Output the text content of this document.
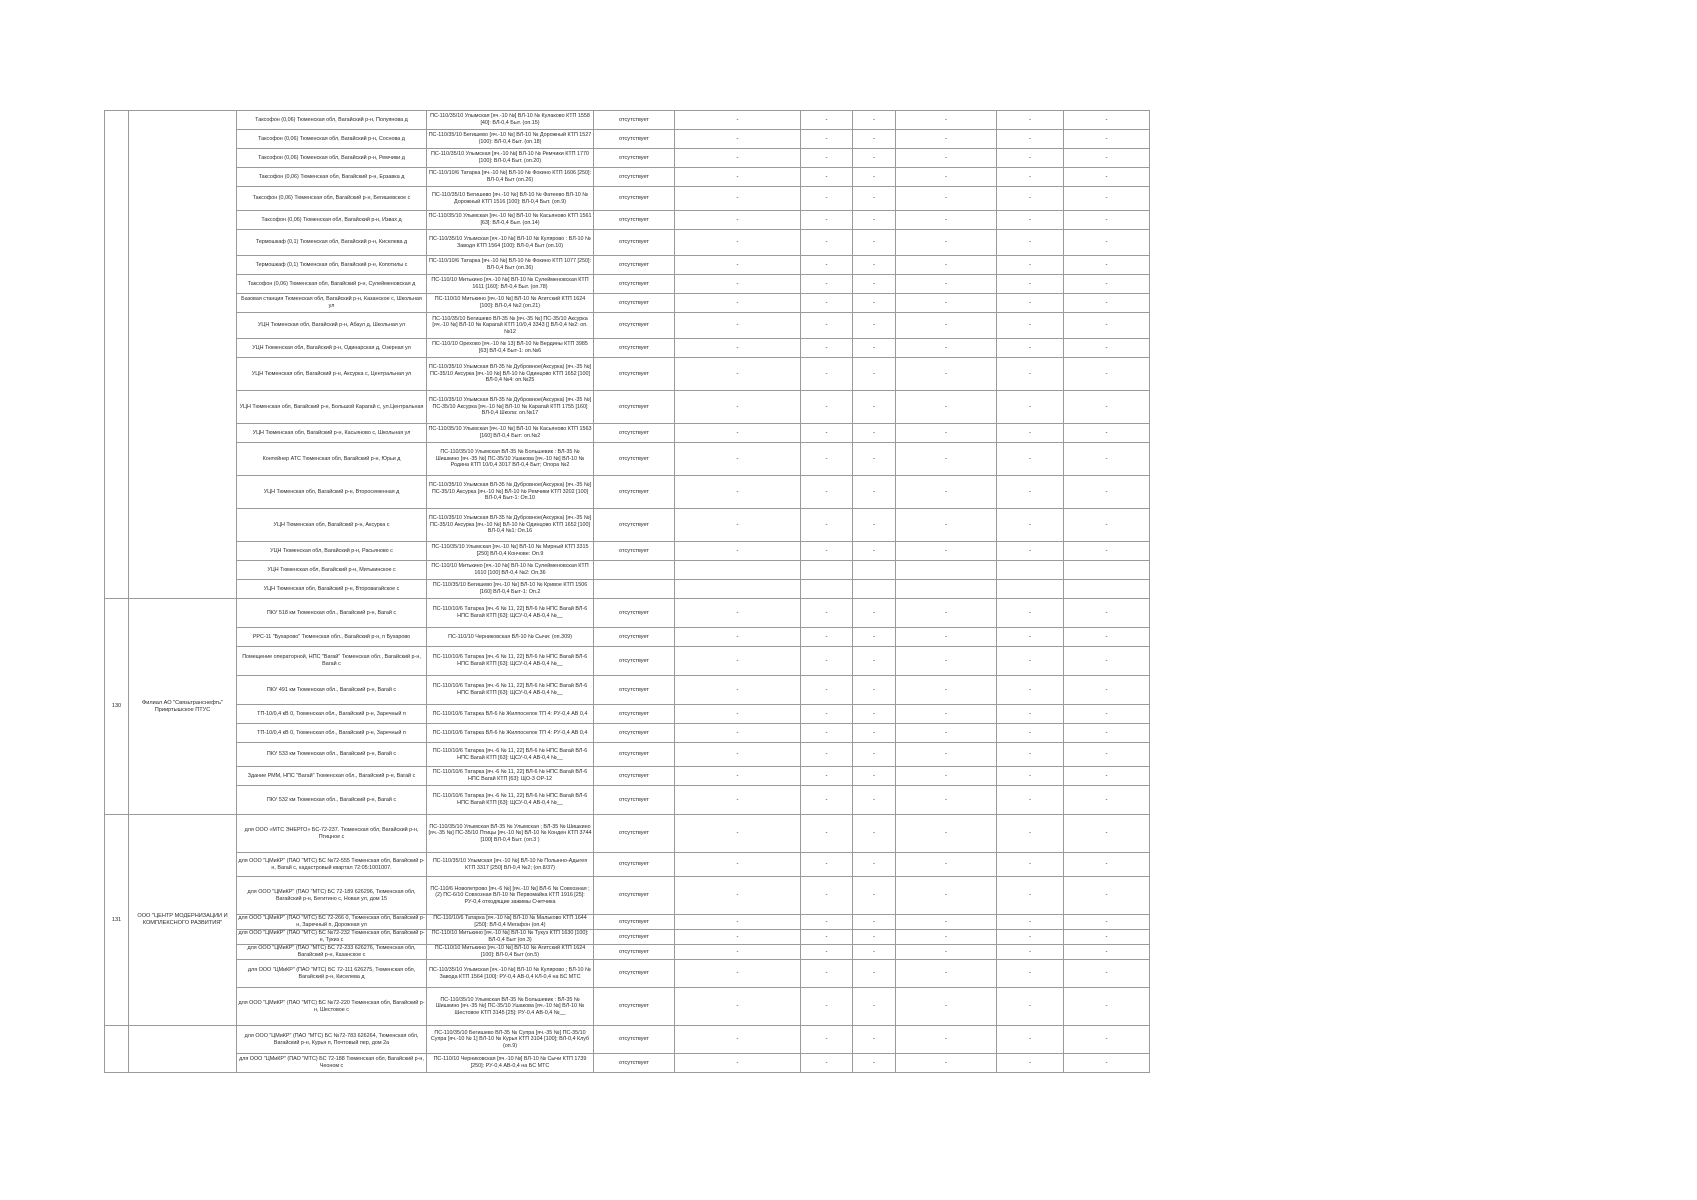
		Таксофон (0,06) Тюменская обл, Вагайский р-н, Полуянова д	ПС-110/35/10 Улымская [яч.-10 №] ВЛ-10 № Кулаково КТП 1558 [40]: ВЛ-0,4 Быт. (оп.15)	отсутствует	-	-	-	-	-	-
		Таксофон (0,06) Тюменская обл, Вагайский р-н, Соснова д	ПС-110/35/10 Бегишево [яч.-10 №] ВЛ-10 № Дорожный КТП 1527 (100): ВЛ-0,4 Быт. (оп.18)	отсутствует	-	-	-	-	-	-
		Таксофон (0,06) Тюменская обл, Вагайский р-н, Ремчики д	ПС-110/35/10 Улымская [яч.-10 №] ВЛ-10 № Ремчики КТП 1770 [100]: ВЛ-0,4 Быт. (оп.20)	отсутствует	-	-	-	-	-	-
		Таксофон (0,06) Тюменская обл, Вагайский р-н, Ерзавка д	ПС-110/10/6 Татарка [яч.-10 №] ВЛ-10 № Фокино КТП 1606 [250]: ВЛ-0,4 Быт (оп.26)	отсутствует	-	-	-	-	-	-
		Таксофон (0,06) Тюменская обл, Вагайский р-н, Бегишевское с	ПС-110/35/10 Бегишево [яч.-10 №] ВЛ-10 № Фатеево ВЛ-10 № Дорожный КТП 1516 [100]: ВЛ-0,4 Быт. (оп.9)	отсутствует	-	-	-	-	-	-
		Таксофон (0,06) Тюменская обл, Вагайский р-н, Извах д	ПС-110/35/10 Улымская [яч.-10 №] ВЛ-10 № Касьяново КТП 1561 [63]: ВЛ-0,4 Быт. (оп.14)	отсутствует	-	-	-	-	-	-
		Термошкаф (0,1) Тюменская обл, Вагайский р-н, Киселева д	ПС-110/35/10 Улымская [яч.-10 №] ВЛ-10 № Кулярово : ВЛ-10 № Заводя КТП 1564 [100]: ВЛ-0,4 Быт (оп.10)	отсутствует	-	-	-	-	-	-
		Термошкаф (0,1) Тюменская обл, Вагайский р-н, Копотилы с	ПС-110/10/6 Татарка [яч.-10 №] ВЛ-10 № Фокино КТП 1077 [250]: ВЛ-0,4 Быт (оп.36)	отсутствует	-	-	-	-	-	-
		Таксофон (0,06) Тюменская обл, Вагайский р-н, Сулейменовская д	ПС-110/10 Митькино [яч.-10 №] ВЛ-10 № Сулейменовская КТП 1611 [160]: ВЛ-0,4 Быт. (оп.78)	отсутствует	-	-	-	-	-	-
		Базовая станция Тюменская обл, Вагайский р-н, Казанское с, Школьная ул	ПС-110/10 Митькино [яч.-10 №] ВЛ-10 № Агитский КТП 1624 [100]: ВЛ-0,4 №2 (оп.21)	отсутствует	-	-	-	-	-	-
		УЦН Тюменская обл, Вагайский р-н, Абаул д, Школьная ул	ПС-110/35/10 Бегишево ВЛ-35 № [яч.-35 №] ПС-35/10 Аксурка [яч.-10 №] ВЛ-10 № Карагай КТП 10/0,4 3343 [] ВЛ-0,4 №2: оп.№12	отсутствует	-	-	-	-	-	-
		УЦН Тюменская обл, Вагайский р-н, Одинарская д, Озерная ул	ПС-110/10 Орехово [яч.-10 № 13] ВЛ-10 № Вердины КТП 3985 [63] ВЛ-0,4 Быт-1: оп.№6	отсутствует	-	-	-	-	-	-
		УЦН Тюменская обл, Вагайский р-н, Аксурка с, Центральная ул	ПС-110/35/10 Улымская ВЛ-35 № Дубровное(Аксурка) [яч.-35 №] ПС-35/10 Аксурка [яч.-10 №] ВЛ-10 № Одинцово КТП 1652 [100] ВЛ-0,4 №4: оп.№25	отсутствует	-	-	-	-	-	-
		УЦН Тюменская обл, Вагайский р-н, Большой Карагай с, ул.Центральная	ПС-110/35/10 Улымская ВЛ-35 № Дубровное(Аксурка) [яч.-35 №] ПС-35/10 Аксурка [яч.-10 №] ВЛ-10 № Карагай КТП 1755 [160] ВЛ-0,4 Школа: оп.№17	отсутствует	-	-	-	-	-	-
		УЦН Тюменская обл, Вагайский р-н, Касьяново с, Школьная ул	ПС-110/35/10 Улымская [яч.-10 №] ВЛ-10 № Касьяново КТП 1563 [160] ВЛ-0,4 Быт: оп.№2	отсутствует	-	-	-	-	-	-
		Контейнер АТС Тюменская обл, Вагайский р-н, Юрьи д	ПС-110/35/10 Улымская ВЛ-35 № Большевик : ВЛ-35 № Шишкино [яч.-35 №] ПС-35/10 Ушакова [яч.-10 №] ВЛ-10 № Родина КТП 10/0,4 3017 ВЛ-0,4 Быт; Опора №2	отсутствует	-	-	-	-	-	-
		УЦН Тюменская обл, Вагайский р-н, Второсеменная д	ПС-110/35/10 Улымская ВЛ-35 № Дубровное(Аксурка) [яч.-35 №] ПС-35/10 Аксурка [яч.-10 №] ВЛ-10 № Ремчики КТП 3202 [100] ВЛ-0,4 Быт-1: Оп.10	отсутствует	-	-	-	-	-	-
		УЦН Тюменская обл, Вагайский р-н, Аксурка с	ПС-110/35/10 Улымская ВЛ-35 № Дубровное(Аксурка) [яч.-35 №] ПС-35/10 Аксурка [яч.-10 №] ВЛ-10 № Одинцово КТП 1652 [100] ВЛ-0,4 №1: Оп.16	отсутствует	-	-	-	-	-	-
		УЦН Тюменская обл, Вагайский р-н, Расьяново с	ПС-110/35/10 Улымская [яч.-10 №] ВЛ-10 № Мирный КТП 3315 [250] ВЛ-0,4 Кончове: Оп.9	отсутствует	-	-	-	-	-	-
		УЦН Тюменская обл, Вагайский р-н, Митькинское с	ПС-110/10 Митькино [яч.-10 №] ВЛ-10 № Сулейменовская КТП 1610 [100] ВЛ-0,4 №2: Оп.36							
		УЦН Тюменская обл, Вагайский р-н, Второвагайское с	ПС-110/35/10 Бегишево [яч.-10 №] ВЛ-10 № Кривое КТП 1506 [160] ВЛ-0,4 Быт-1: Оп.2							
130	Филиал АО "Связьтранснефть" Прииртышское ПТУС	ПКУ 518 км Тюменская обл., Вагайский р-н, Вагай с	ПС-110/10/6 Татарка [яч.-6 № 11, 22] ВЛ-6 № НПС Вагай ВЛ-6 НПС Вагай КТП [63]: ЩСУ-0,4 АВ-0,4 №__	отсутствует	-	-	-	-	-	-
		РРС-11 "Бухарово" Тюменская обл., Вагайский р-н, п Бухарово	ПС-110/10 Черниковская ВЛ-10 № Сычи: (оп.309)	отсутствует	-	-	-	-	-	-
		Помещение операторной, НПС "Вагай" Тюменская обл., Вагайский р-н, Вагай с	ПС-110/10/6 Татарка [яч.-6 № 11, 22] ВЛ-6 № НПС Вагай ВЛ-6 НПС Вагай КТП [63]: ЩСУ-0,4 АВ-0,4 №__	отсутствует	-	-	-	-	-	-
		ПКУ 491 км Тюменская обл., Вагайский р-н, Вагай с	ПС-110/10/6 Татарка [яч.-6 № 11, 22] ВЛ-6 № НПС Вагай ВЛ-6 НПС Вагай КТП [63]: ЩСУ-0,4 АВ-0,4 №__	отсутствует	-	-	-	-	-	-
		ТП-10/0,4 кВ 0, Тюменская обл., Вагайский р-н, Заречный п	ПС-110/10/6 Татарка ВЛ-6 № Жилпоселок ТП 4: РУ-0,4 АВ 0,4	отсутствует	-	-	-	-	-	-
		ТП-10/0,4 кВ 0, Тюменская обл., Вагайский р-н, Заречный п	ПС-110/10/6 Татарка ВЛ-6 № Жилпоселок ТП 4: РУ-0,4 АВ 0,4	отсутствует	-	-	-	-	-	-
		ПКУ 533 км Тюменская обл., Вагайский р-н, Вагай с	ПС-110/10/6 Татарка [яч.-6 № 11, 22] ВЛ-6 № НПС Вагай ВЛ-6 НПС Вагай КТП [63]: ЩСУ-0,4 АВ-0,4 №__	отсутствует	-	-	-	-	-	-
		Здание РММ, НПС "Вагай" Тюменская обл., Вагайский р-н, Вагай с	ПС-110/10/6 Татарка [яч.-6 № 11, 22] ВЛ-6 № НПС Вагай ВЛ-6 НПС Вагай КТП [63]: ЩО-3 ОР-12	отсутствует	-	-	-	-	-	-
		ПКУ 532 км Тюменская обл., Вагайский р-н, Вагай с	ПС-110/10/6 Татарка [яч.-6 № 11, 22] ВЛ-6 № НПС Вагай ВЛ-6 НПС Вагай КТП [63]: ЩСУ-0,4 АВ-0,4 №__	отсутствует	-	-	-	-	-	-
131	ООО "ЦЕНТР МОДЕРНИЗАЦИИ И КОМПЛЕКСНОГО РАЗВИТИЯ"	для ООО «МТС ЭНЕРГО» БС-72-237. Тюменская обл, Вагайский р-н, Птицное с	ПС-110/35/10 Улымская ВЛ-35 № Улымская ; ВЛ-35 № Шишкино [яч.-35 №] ПС-35/10 Птицы [яч.-10 №] ВЛ-10 № Конден КТП 3744 [100] ВЛ-0,4 Быт. (оп.3 )	отсутствует	-	-	-	-	-	-
		для ООО "ЦМиКР" (ПАО "МТС) БС №72-555 Тюменская обл, Вагайский р-н, Вагай с, кадастровый квартал 72:05:1001007.	ПС-110/35/10 Улымская [яч.-10 №] ВЛ-10 № Полынно-Адыгея КТП 3317 [250] ВЛ-0,4 №2; (оп.8/37)	отсутствует	-	-	-	-	-	-
		для ООО "ЦМиКР" (ПАО "МТС) БС 72-189 626296, Тюменская обл, Вагайский р-н, Бегитино с, Новая ул, дом 15	ПС-110/6 Новопетрово [яч.-6 №] [яч.-10 №] ВЛ-6 № Совхозная ; (2) ПС-6/10 Совхозная ВЛ-10 № Первомайка КТП 1916 [25]: РУ-0,4 отходящие зажимы Счетчика	отсутствует	-	-	-	-	-	-
		для ООО "ЦМиКР" (ПАО "МТС) БС 72-266 0, Тюменская обл, Вагайский р-н, Заречный п, Дорожная ул	ПС-110/10/6 Татарка [яч.-10 №] ВЛ-10 № Мальково КТП 1644 [250]: ВЛ-0,4 Мегафон (оп.4)	отсутствует	-	-	-	-	-	-
		для ООО "ЦМиКР" (ПАО "МТС) БС №72-232 Тюменская обл, Вагайский р-н, Тукиз с	ПС-110/10 Митькино [яч.-10 №] ВЛ-10 № Тукуз КТП 1630 [100]: ВЛ-0,4 Быт (оп.3)	отсутствует	-	-	-	-	-	-
		для ООО "ЦМиКР" (ПАО "МТС) БС 72-233 626276, Тюменская обл, Вагайский р-н, Казанское с	ПС-110/10 Митькино [яч.-10 №] ВЛ-10 № Агитский КТП 1624 [100]: ВЛ-0,4 Быт (оп.5)	отсутствует	-	-	-	-	-	-
		для ООО "ЦМиКР" (ПАО "МТС) БС 72-111 626275, Тюменская обл, Вагайский р-н, Киселева д	ПС-110/35/10 Улымская [яч.-10 №] ВЛ-10 № Кулярово ; ВЛ-10 № Завода КТП 1564 [100]: РУ-0,4 АВ-0,4 КЛ-0,4 на БС МТС	отсутствует	-	-	-	-	-	-
		для ООО "ЦМиКР" (ПАО "МТС) БС №72-220 Тюменская обл, Вагайский р-н, Шестовое с	ПС-110/35/10 Улымская ВЛ-35 № Большевик : ВЛ-35 № Шишкино [яч.-35 №] ПС-35/10 Ушакова [яч.-10 №] ВЛ-10 № Шестовое КТП 3145 [25]: РУ-0,4 АВ-0,4 №__	отсутствует	-	-	-	-	-	-
		для ООО "ЦМиКР" (ПАО "МТС) БС №72-783 626264, Тюменская обл, Вагайский р-н, Курья п, Почтовый пер, дом 2а	ПС-110/35/10 Бегишево ВЛ-35 № Супра [яч.-35 №] ПС-35/10 Супра [яч.-10 № 1] ВЛ-10 № Курья КТП 3104 [100]; ВЛ-0,4 Клуб (оп.9)	отсутствует	-	-	-	-	-	-
		для ООО "ЦМиКР" (ПАО "МТС) БС 72-188 Тюменская обл, Вагайский р-н, Чеоном с	ПС-110/10 Черниковская [яч.-10 №] ВЛ-10 № Сычи КТП 1739 [250]: РУ-0,4 АВ-0,4 на БС МТС	отсутствует	-	-	-	-	-	-
